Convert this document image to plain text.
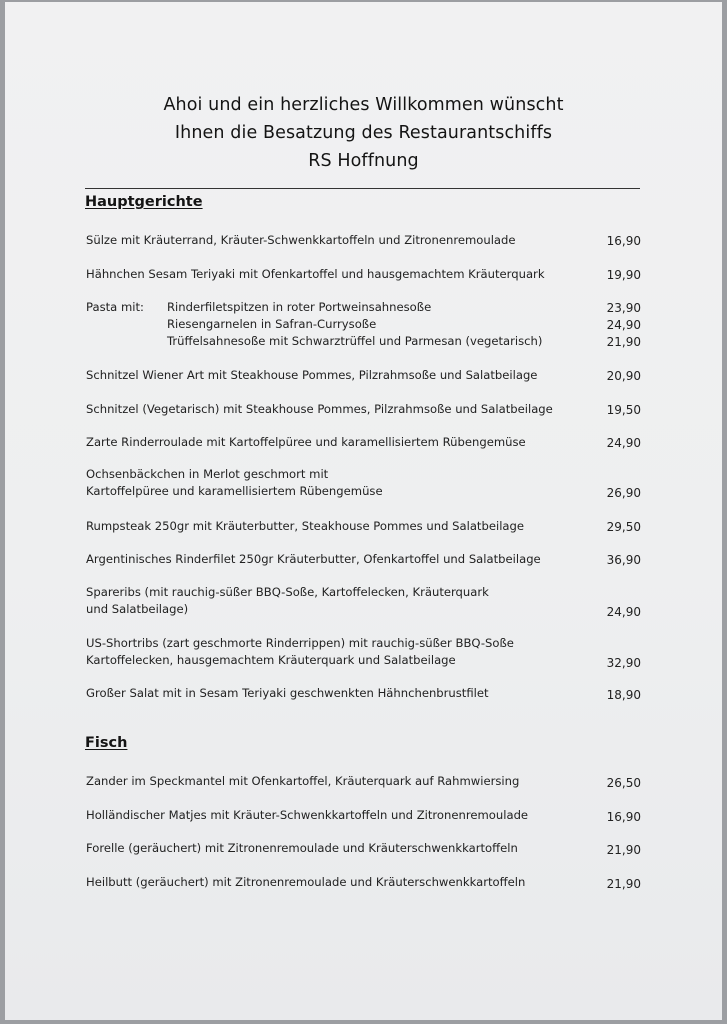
Ahoi und ein herzliches Willkommen wünscht
Ihnen die Besatzung des Restaurantschiffs
RS Hoffnung
Hauptgerichte
Sülze mit Kräuterrand, Kräuter-Schwenkkartoffeln und Zitronenremoulade	16,90
Hähnchen Sesam Teriyaki mit Ofenkartoffel und hausgemachtem Kräuterquark	19,90
Pasta mit: Rinderfiletspitzen in roter Portweinsahnesoße	23,90
Riesengarnelen in Safran-Currysoße	24,90
Trüffelsahnesoße mit Schwarztrüffel und Parmesan (vegetarisch)	21,90
Schnitzel Wiener Art mit Steakhouse Pommes, Pilzrahmsoße und Salatbeilage	20,90
Schnitzel (Vegetarisch) mit Steakhouse Pommes, Pilzrahmsoße und Salatbeilage	19,50
Zarte Rinderroulade mit Kartoffelpüree und karamellisiertem Rübengemüse	24,90
Ochsenbäckchen in Merlot geschmort mit
Kartoffelpüree und karamellisiertem Rübengemüse	26,90
Rumpsteak 250gr mit Kräuterbutter, Steakhouse Pommes und Salatbeilage	29,50
Argentinisches Rinderfilet 250gr Kräuterbutter, Ofenkartoffel und Salatbeilage	36,90
Spareribs (mit rauchig-süßer BBQ-Soße, Kartoffelecken, Kräuterquark
und Salatbeilage)	24,90
US-Shortribs (zart geschmorte Rinderrippen) mit rauchig-süßer BBQ-Soße
Kartoffelecken, hausgemachtem Kräuterquark und Salatbeilage	32,90
Großer Salat mit in Sesam Teriyaki geschwenkten Hähnchenbrustfilet	18,90
Fisch
Zander im Speckmantel mit Ofenkartoffel, Kräuterquark auf Rahmwiersing	26,50
Holländischer Matjes mit Kräuter-Schwenkkartoffeln und Zitronenremoulade	16,90
Forelle (geräuchert) mit Zitronenremoulade und Kräuterschwenkkartoffeln	21,90
Heilbutt (geräuchert) mit Zitronenremoulade und Kräuterschwenkkartoffeln	21,90
